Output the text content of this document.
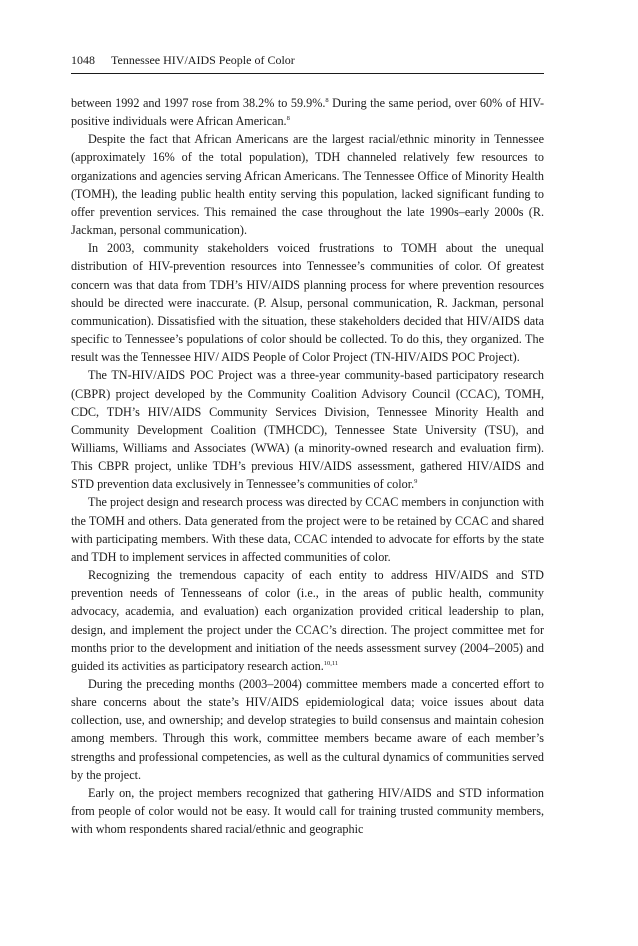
1048 Tennessee HIV/AIDS People of Color

between 1992 and 1997 rose from 38.2% to 59.9%.$^8$ During the same period, over 60% of HIV-positive individuals were African American.$^8$

Despite the fact that African Americans are the largest racial/ethnic minority in Tennessee (approximately 16% of the total population), TDH channeled relatively few resources to organizations and agencies serving African Americans. The Tennessee Office of Minority Health (TOMH), the leading public health entity serving this population, lacked significant funding to offer prevention services. This remained the case throughout the late 1990s–early 2000s (R. Jackman, personal communication).

In 2003, community stakeholders voiced frustrations to TOMH about the unequal distribution of HIV-prevention resources into Tennessee’s communities of color. Of greatest concern was that data from TDH’s HIV/AIDS planning process for where prevention resources should be directed were inaccurate. (P. Alsup, personal communication, R. Jackman, personal communication). Dissatisfied with the situation, these stakeholders decided that HIV/AIDS data specific to Tennessee’s populations of color should be collected. To do this, they organized. The result was the Tennessee HIV/ AIDS People of Color Project (TN-HIV/AIDS POC Project).

The TN-HIV/AIDS POC Project was a three-year community-based participatory research (CBPR) project developed by the Community Coalition Advisory Council (CCAC), TOMH, CDC, TDH’s HIV/AIDS Community Services Division, Tennessee Minority Health and Community Development Coalition (TMHCDC), Tennessee State University (TSU), and Williams, Williams and Associates (WWA) (a minority-owned research and evaluation firm). This CBPR project, unlike TDH’s previous HIV/AIDS assessment, gathered HIV/AIDS and STD prevention data exclusively in Tennessee’s communities of color.$^9$

The project design and research process was directed by CCAC members in conjunction with the TOMH and others. Data generated from the project were to be retained by CCAC and shared with participating members. With these data, CCAC intended to advocate for efforts by the state and TDH to implement services in affected communities of color.

Recognizing the tremendous capacity of each entity to address HIV/AIDS and STD prevention needs of Tennesseans of color (i.e., in the areas of public health, community advocacy, academia, and evaluation) each organization provided critical leadership to plan, design, and implement the project under the CCAC’s direction. The project committee met for months prior to the development and initiation of the needs assessment survey (2004–2005) and guided its activities as participatory research action.$^{10,11}$

During the preceding months (2003–2004) committee members made a concerted effort to share concerns about the state’s HIV/AIDS epidemiological data; voice issues about data collection, use, and ownership; and develop strategies to build consensus and maintain cohesion among members. Through this work, committee members became aware of each member’s strengths and professional competencies, as well as the cultural dynamics of communities served by the project.

Early on, the project members recognized that gathering HIV/AIDS and STD information from people of color would not be easy. It would call for training trusted community members, with whom respondents shared racial/ethnic and geographic
